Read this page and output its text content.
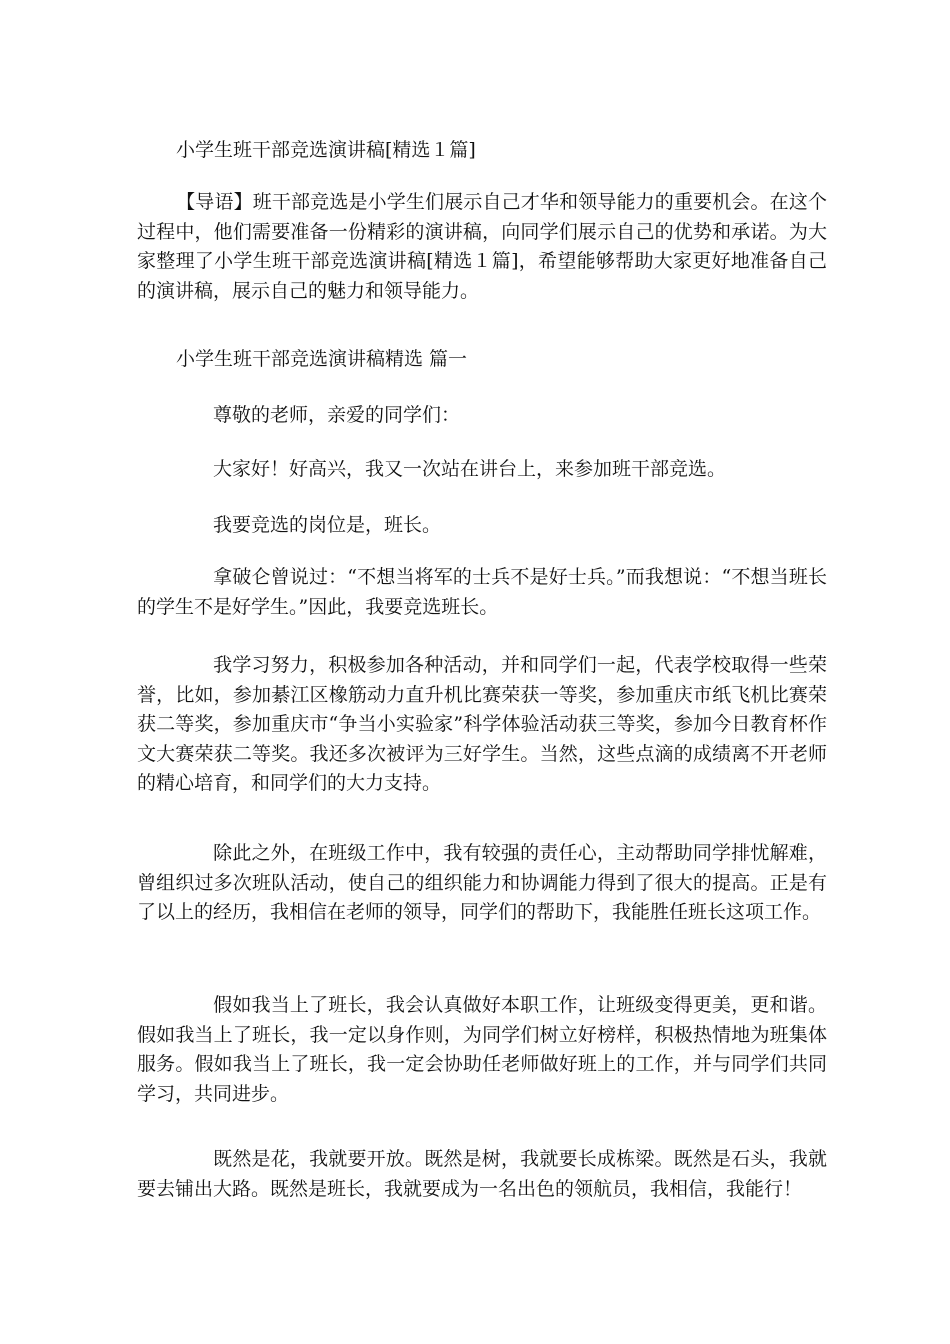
小学生班干部竞选演讲稿[精选１篇]

【导语】班干部竞选是小学生们展示自己才华和领导能力的重要机会。在这个过程中，他们需要准备一份精彩的演讲稿，向同学们展示自己的优势和承诺。为大家整理了小学生班干部竞选演讲稿[精选１篇]，希望能够帮助大家更好地准备自己的演讲稿，展示自己的魅力和领导能力。

小学生班干部竞选演讲稿精选 篇一
尊敬的老师，亲爱的同学们：
大家好！好高兴，我又一次站在讲台上，来参加班干部竞选。
我要竞选的岗位是，班长。

拿破仑曾说过：“不想当将军的士兵不是好士兵。”而我想说：“不想当班长的学生不是好学生。”因此，我要竞选班长。

我学习努力，积极参加各种活动，并和同学们一起，代表学校取得一些荣誉，比如，参加綦江区橡筋动力直升机比赛荣获一等奖，参加重庆市纸飞机比赛荣获二等奖，参加重庆市“争当小实验家”科学体验活动获三等奖，参加今日教育杯作文大赛荣获二等奖。我还多次被评为三好学生。当然，这些点滴的成绩离不开老师的精心培育，和同学们的大力支持。

除此之外，在班级工作中，我有较强的责任心，主动帮助同学排忧解难，曾组织过多次班队活动，使自己的组织能力和协调能力得到了很大的提高。正是有了以上的经历，我相信在老师的领导，同学们的帮助下，我能胜任班长这项工作。

假如我当上了班长，我会认真做好本职工作，让班级变得更美，更和谐。假如我当上了班长，我一定以身作则，为同学们树立好榜样，积极热情地为班集体服务。假如我当上了班长，我一定会协助任老师做好班上的工作，并与同学们共同学习，共同进步。

既然是花，我就要开放。既然是树，我就要长成栋梁。既然是石头，我就要去铺出大路。既然是班长，我就要成为一名出色的领航员，我相信，我能行！
